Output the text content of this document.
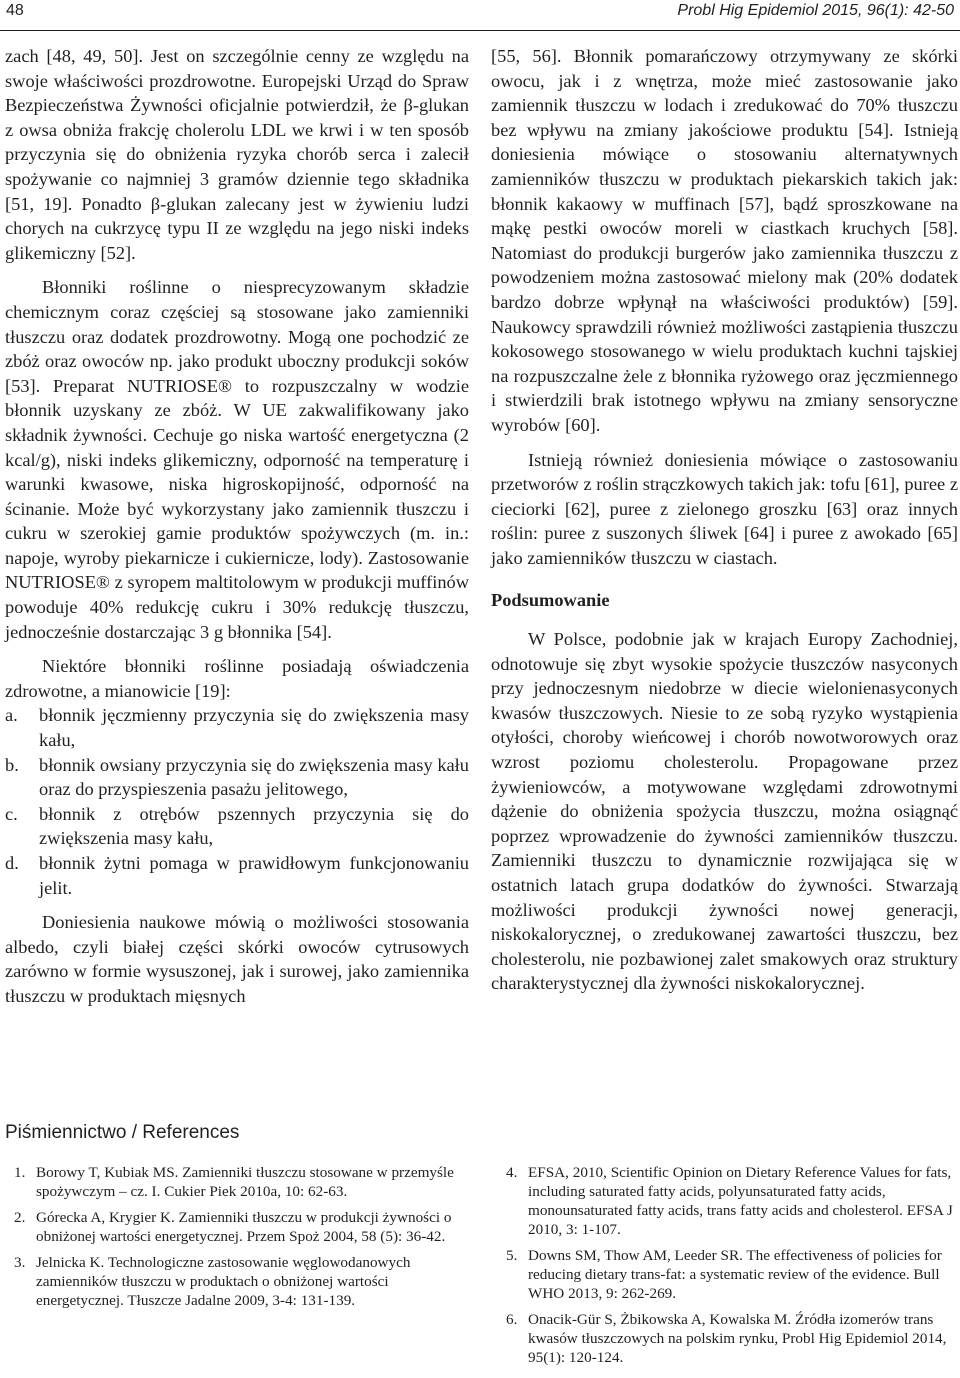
48	Probl Hig Epidemiol 2015, 96(1): 42-50

zach [48, 49, 50]. Jest on szczególnie cenny ze względu na swoje właściwości prozdrowotne. Europejski Urząd do Spraw Bezpieczeństwa Żywności oficjalnie potwierdził, że β-glukan z owsa obniża frakcję cholerolu LDL we krwi i w ten sposób przyczynia się do obniżenia ryzyka chorób serca i zalecił spożywanie co najmniej 3 gramów dziennie tego składnika [51, 19]. Ponadto β-glukan zalecany jest w żywieniu ludzi chorych na cukrzycę typu II ze względu na jego niski indeks glikemiczny [52].

Błonniki roślinne o niesprecyzowanym składzie chemicznym coraz częściej są stosowane jako zamienniki tłuszczu oraz dodatek prozdrowotny. Mogą one pochodzić ze zbóż oraz owoców np. jako produkt uboczny produkcji soków [53]. Preparat NUTRIOSE® to rozpuszczalny w wodzie błonnik uzyskany ze zbóż. W UE zakwalifikowany jako składnik żywności. Cechuje go niska wartość energetyczna (2 kcal/g), niski indeks glikemiczny, odporność na temperaturę i warunki kwasowe, niska higroskopijność, odporność na ścinanie. Może być wykorzystany jako zamiennik tłuszczu i cukru w szerokiej gamie produktów spożywczych (m. in.: napoje, wyroby piekarnicze i cukiernicze, lody). Zastosowanie NUTRIOSE® z syropem maltitolowym w produkcji muffinów powoduje 40% redukcję cukru i 30% redukcję tłuszczu, jednocześnie dostarczając 3 g błonnika [54].

Niektóre błonniki roślinne posiadają oświadczenia zdrowotne, a mianowicie [19]:

a. błonnik jęczmienny przyczynia się do zwiększenia masy kału,
b. błonnik owsiany przyczynia się do zwiększenia masy kału oraz do przyspieszenia pasażu jelitowego,
c. błonnik z otrębów pszennych przyczynia się do zwiększenia masy kału,
d. błonnik żytni pomaga w prawidłowym funkcjonowaniu jelit.

Doniesienia naukowe mówią o możliwości stosowania albedo, czyli białej części skórki owoców cytrusowych zarówno w formie wysuszonej, jak i surowej, jako zamiennika tłuszczu w produktach mięsnych

[55, 56]. Błonnik pomarańczowy otrzymywany ze skórki owocu, jak i z wnętrza, może mieć zastosowanie jako zamiennik tłuszczu w lodach i zredukować do 70% tłuszczu bez wpływu na zmiany jakościowe produktu [54]. Istnieją doniesienia mówiące o stosowaniu alternatywnych zamienników tłuszczu w produktach piekarskich takich jak: błonnik kakaowy w muffinach [57], bądź sproszkowane na mąkę pestki owoców moreli w ciastkach kruchych [58]. Natomiast do produkcji burgerów jako zamiennika tłuszczu z powodzeniem można zastosować mielony mak (20% dodatek bardzo dobrze wpłynął na właściwości produktów) [59]. Naukowcy sprawdzili również możliwości zastąpienia tłuszczu kokosowego stosowanego w wielu produktach kuchni tajskiej na rozpuszczalne żele z błonnika ryżowego oraz jęczmiennego i stwierdzili brak istotnego wpływu na zmiany sensoryczne wyrobów [60].

Istnieją również doniesienia mówiące o zastosowaniu przetworów z roślin strączkowych takich jak: tofu [61], puree z cieciorki [62], puree z zielonego groszku [63] oraz innych roślin: puree z suszonych śliwek [64] i puree z awokado [65] jako zamienników tłuszczu w ciastach.

Podsumowanie

W Polsce, podobnie jak w krajach Europy Zachodniej, odnotowuje się zbyt wysokie spożycie tłuszczów nasyconych przy jednoczesnym niedobrze w diecie wielonienasyconych kwasów tłuszczowych. Niesie to ze sobą ryzyko wystąpienia otyłości, choroby wieńcowej i chorób nowotworowych oraz wzrost poziomu cholesterolu. Propagowane przez żywieniowców, a motywowane względami zdrowotnymi dążenie do obniżenia spożycia tłuszczu, można osiągnąć poprzez wprowadzenie do żywności zamienników tłuszczu. Zamienniki tłuszczu to dynamicznie rozwijająca się w ostatnich latach grupa dodatków do żywności. Stwarzają możliwości produkcji żywności nowej generacji, niskokalorycznej, o zredukowanej zawartości tłuszczu, bez cholesterolu, nie pozbawionej zalet smakowych oraz struktury charakterystycznej dla żywności niskokalorycznej.

Piśmiennictwo / References
1. Borowy T, Kubiak MS. Zamienniki tłuszczu stosowane w przemyśle spożywczym – cz. I. Cukier Piek 2010a, 10: 62-63.
2. Górecka A, Krygier K. Zamienniki tłuszczu w produkcji żywności o obniżonej wartości energetycznej. Przem Spoż 2004, 58 (5): 36-42.
3. Jelnicka K. Technologiczne zastosowanie węglowodanowych zamienników tłuszczu w produktach o obniżonej wartości energetycznej. Tłuszcze Jadalne 2009, 3-4: 131-139.
4. EFSA, 2010, Scientific Opinion on Dietary Reference Values for fats, including saturated fatty acids, polyunsaturated fatty acids, monounsaturated fatty acids, trans fatty acids and cholesterol. EFSA J 2010, 3: 1-107.
5. Downs SM, Thow AM, Leeder SR. The effectiveness of policies for reducing dietary trans-fat: a systematic review of the evidence. Bull WHO 2013, 9: 262-269.
6. Onacik-Gür S, Żbikowska A, Kowalska M. Źródła izomerów trans kwasów tłuszczowych na polskim rynku, Probl Hig Epidemiol 2014, 95(1): 120-124.
